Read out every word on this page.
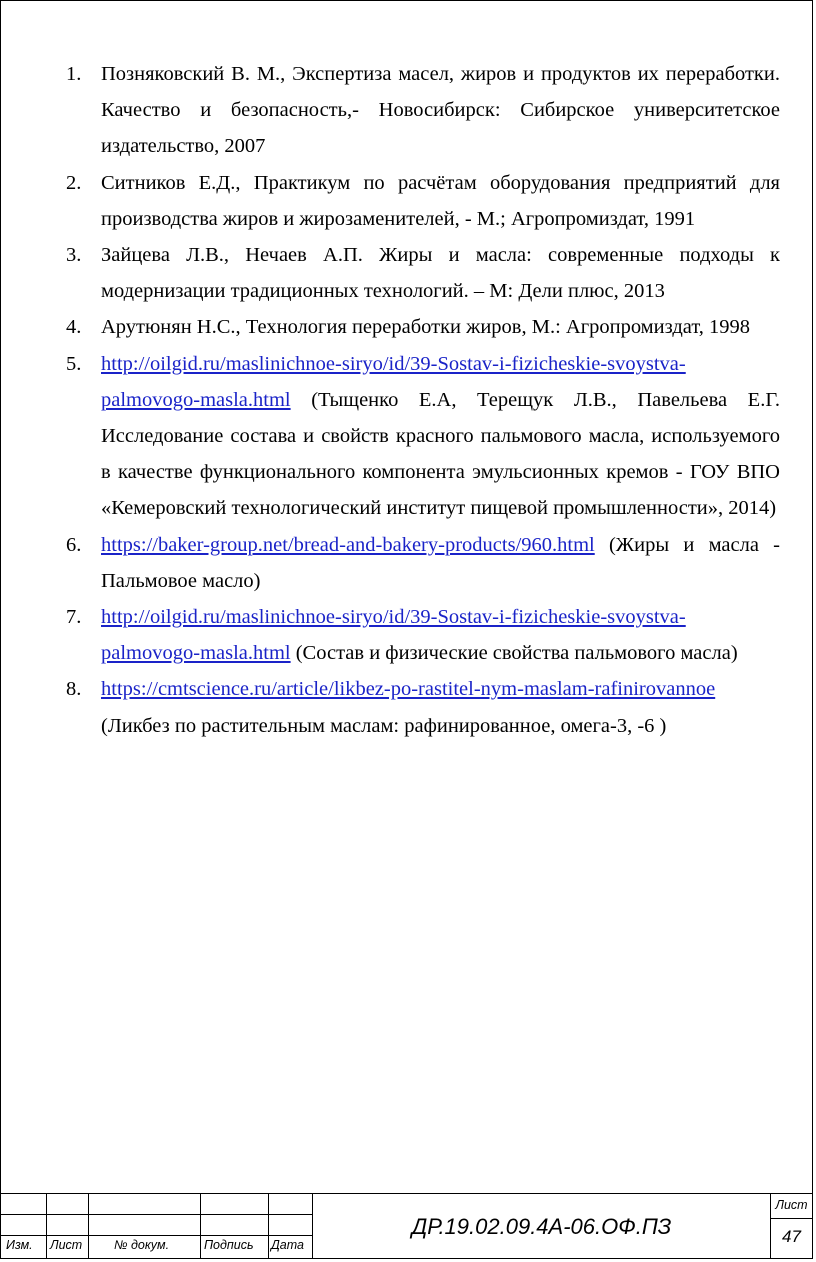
1. Позняковский В. М., Экспертиза масел, жиров и продуктов их переработки. Качество и безопасность,- Новосибирск: Сибирское университетское издательство, 2007
2. Ситников Е.Д., Практикум по расчётам оборудования предприятий для производства жиров и жирозаменителей, - М.; Агропромиздат, 1991
3. Зайцева Л.В., Нечаев А.П. Жиры и масла: современные подходы к модернизации традиционных технологий. – М: Дели плюс, 2013
4. Арутюнян Н.С., Технология переработки жиров, М.: Агропромиздат, 1998
5. http://oilgid.ru/maslinichnoe-siryo/id/39-Sostav-i-fizicheskie-svoystva-palmovogo-masla.html (Тыщенко Е.А, Терещук Л.В., Павельева Е.Г. Исследование состава и свойств красного пальмового масла, используемого в качестве функционального компонента эмульсионных кремов - ГОУ ВПО «Кемеровский технологический институт пищевой промышленности», 2014)
6. https://baker-group.net/bread-and-bakery-products/960.html (Жиры и масла - Пальмовое масло)
7. http://oilgid.ru/maslinichnoe-siryo/id/39-Sostav-i-fizicheskie-svoystva-palmovogo-masla.html (Состав и физические свойства пальмового масла)
8. https://cmtscience.ru/article/likbez-po-rastitel-nym-maslam-rafinirovannoe (Ликбез по растительным маслам: рафинированное, омега-3, -6 )
Изм. Лист	№ докум.	Подпись Дата
ДР.19.02.09.4А-06.ОФ.ПЗ
Лист
47
